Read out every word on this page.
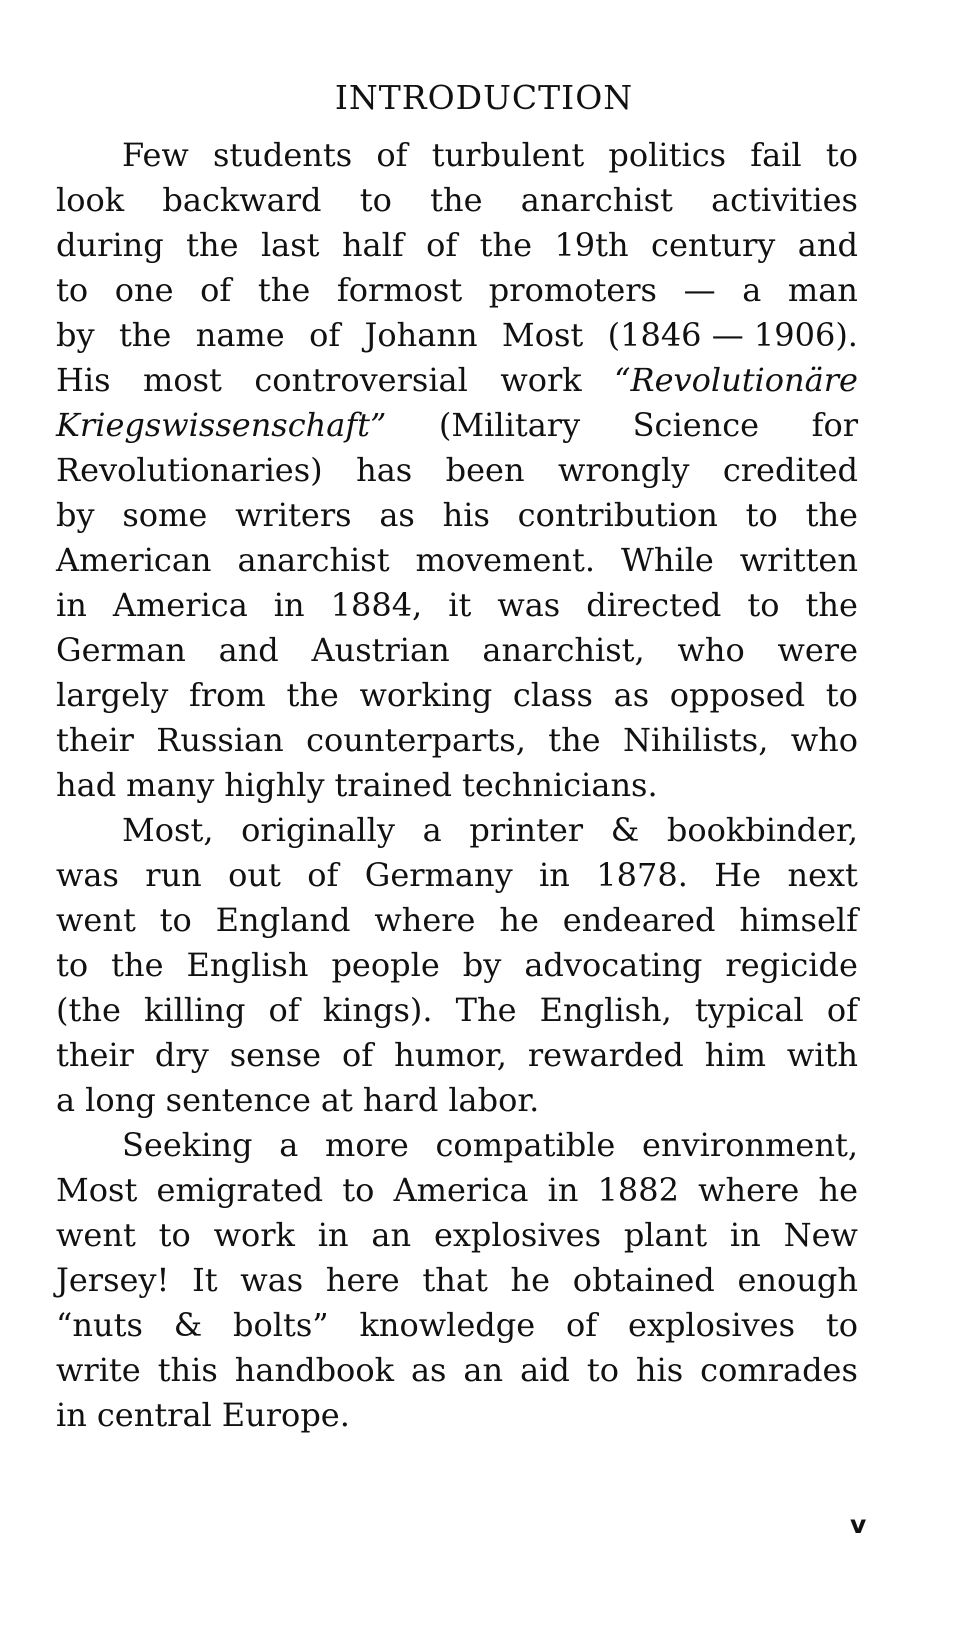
INTRODUCTION
Few students of turbulent politics fail to
look backward to the anarchist activities
during the last half of the 19th century and
to one of the formost promoters — a man
by the name of Johann Most (1846 — 1906).
His most controversial work “Revolutionäre
Kriegswissenschaft” (Military Science for
Revolutionaries) has been wrongly credited
by some writers as his contribution to the
American anarchist movement. While written
in America in 1884, it was directed to the
German and Austrian anarchist, who were
largely from the working class as opposed to
their Russian counterparts, the Nihilists, who
had many highly trained technicians.
Most, originally a printer & bookbinder,
was run out of Germany in 1878. He next
went to England where he endeared himself
to the English people by advocating regicide
(the killing of kings). The English, typical of
their dry sense of humor, rewarded him with
a long sentence at hard labor.
Seeking a more compatible environment,
Most emigrated to America in 1882 where he
went to work in an explosives plant in New
Jersey! It was here that he obtained enough
“nuts & bolts” knowledge of explosives to
write this handbook as an aid to his comrades
in central Europe.
v
